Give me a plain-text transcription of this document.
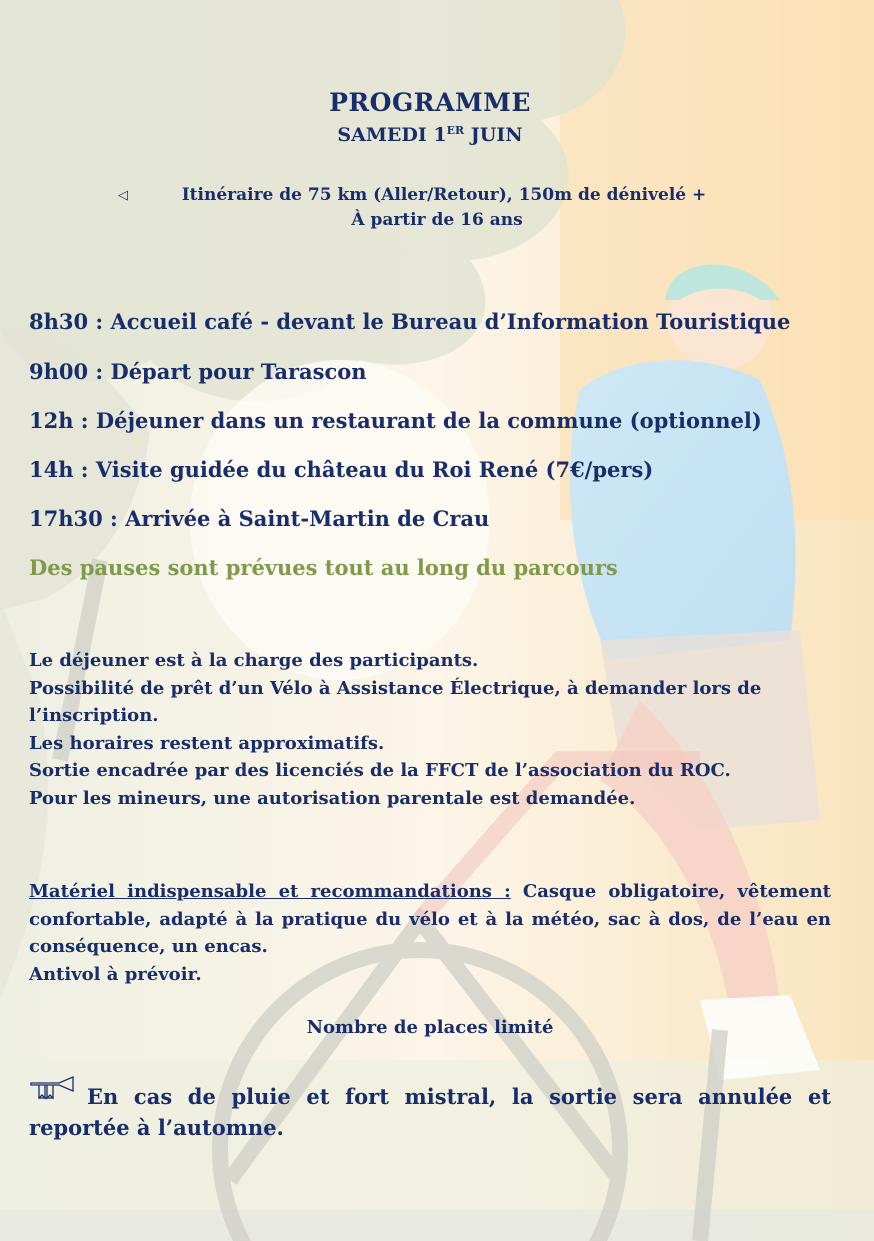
PROGRAMME
SAMEDI 1ER JUIN
◁	Itinéraire de 75 km (Aller/Retour), 150m de dénivelé +
À partir de 16 ans
8h30 : Accueil café - devant le Bureau d’Information Touristique
9h00 : Départ pour Tarascon
12h : Déjeuner dans un restaurant de la commune (optionnel)
14h : Visite guidée du château du Roi René (7€/pers)
17h30 : Arrivée à Saint-Martin de Crau
Des pauses sont prévues tout au long du parcours
Le déjeuner est à la charge des participants.
Possibilité de prêt d’un Vélo à Assistance Électrique, à demander lors de l’inscription.
Les horaires restent approximatifs.
Sortie encadrée par des licenciés de la FFCT de l’association du ROC.
Pour les mineurs, une autorisation parentale est demandée.
Matériel indispensable et recommandations : Casque obligatoire, vêtement confortable, adapté à la pratique du vélo et à la météo, sac à dos, de l’eau en conséquence, un encas.
Antivol à prévoir.
Nombre de places limité
En cas de pluie et fort mistral, la sortie sera annulée et reportée à l’automne.
